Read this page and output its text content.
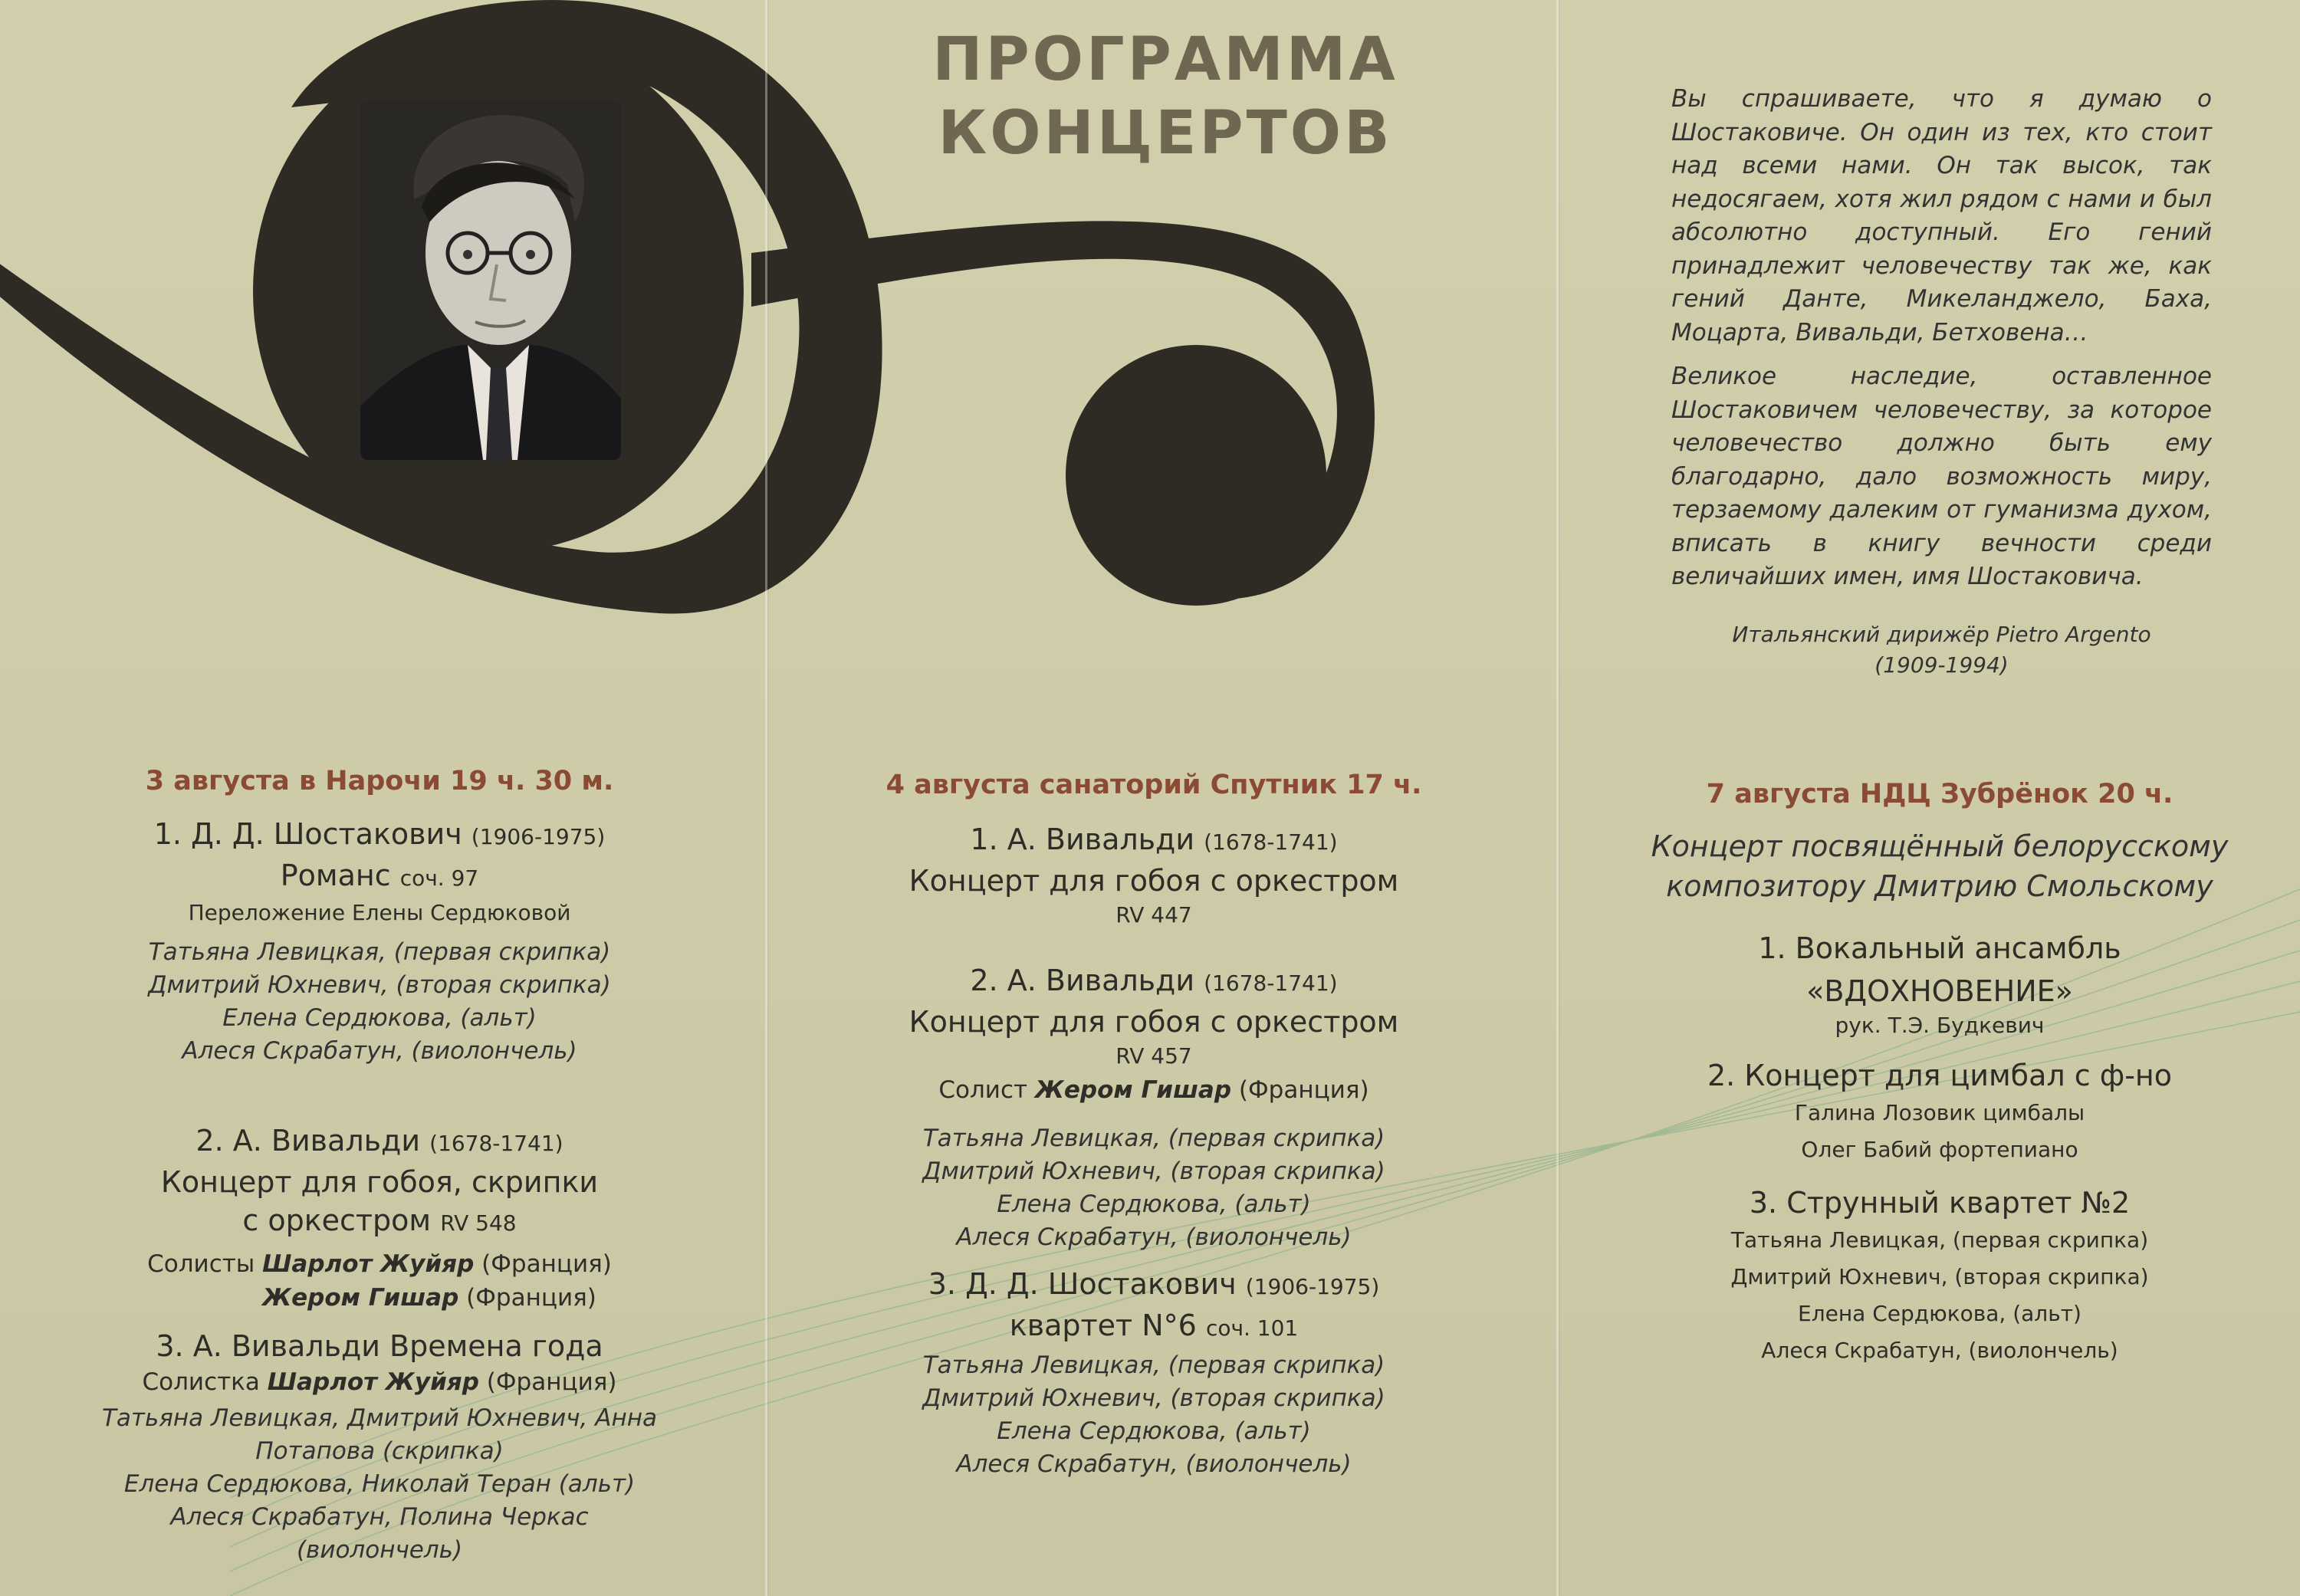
ПРОГРАММА
КОНЦЕРТОВ	Вы спрашиваете, что я думаю о Шостаковиче. Он один из тех, кто стоит над всеми нами. Он так высок, так недосягаем, хотя жил рядом с нами и был абсолютно доступный. Его гений принадлежит человечеству так же, как гений Данте, Микеланджело, Баха, Моцарта, Вивальди, Бетховена…

Великое наследие, оставленное Шостаковичем человечеству, за которое человечество должно быть ему благодарно, дало возможность миру, терзаемому далеким от гуманизма духом, вписать в книгу вечности среди величайших имен, имя Шостаковича.

Итальянский дирижёр Pietro Argento
(1909-1994)
3 августа в Нарочи 19 ч. 30 м.
1. Д. Д. Шостакович (1906-1975)
Романс соч. 97
Переложение Елены Сердюковой
Татьяна Левицкая, (первая скрипка)
Дмитрий Юхневич, (вторая скрипка)
Елена Сердюкова, (альт)
Алеся Скрабатун, (виолончель)
2. А. Вивальди (1678-1741)
Концерт для гобоя, скрипки
с оркестром RV 548
Солисты Шарлот Жуйяр (Франция)
Жером Гишар (Франция)
3. А. Вивальди Времена года
Солистка Шарлот Жуйяр (Франция)
Татьяна Левицкая, Дмитрий Юхневич, Анна
Потапова (скрипка)
Елена Сердюкова, Николай Теран (альт)
Алеся Скрабатун, Полина Черкас
(виолончель)
4 августа санаторий Спутник 17 ч.
1. А. Вивальди (1678-1741)
Концерт для гобоя с оркестром
RV 447
2. А. Вивальди (1678-1741)
Концерт для гобоя с оркестром
RV 457
Солист Жером Гишар (Франция)
Татьяна Левицкая, (первая скрипка)
Дмитрий Юхневич, (вторая скрипка)
Елена Сердюкова, (альт)
Алеся Скрабатун, (виолончель)
3. Д. Д. Шостакович (1906-1975)
квартет N°6 соч. 101
Татьяна Левицкая, (первая скрипка)
Дмитрий Юхневич, (вторая скрипка)
Елена Сердюкова, (альт)
Алеся Скрабатун, (виолончель)
7 августа НДЦ Зубрёнок 20 ч.
Концерт посвящённый белорусскому
композитору Дмитрию Смольскому
1. Вокальный ансамбль
«ВДОХНОВЕНИЕ»
рук. Т.Э. Будкевич
2. Концерт для цимбал с ф-но
Галина Лозовик цимбалы
Олег Бабий фортепиано
3. Струнный квартет №2
Татьяна Левицкая, (первая скрипка)
Дмитрий Юхневич, (вторая скрипка)
Елена Сердюкова, (альт)
Алеся Скрабатун, (виолончель)
